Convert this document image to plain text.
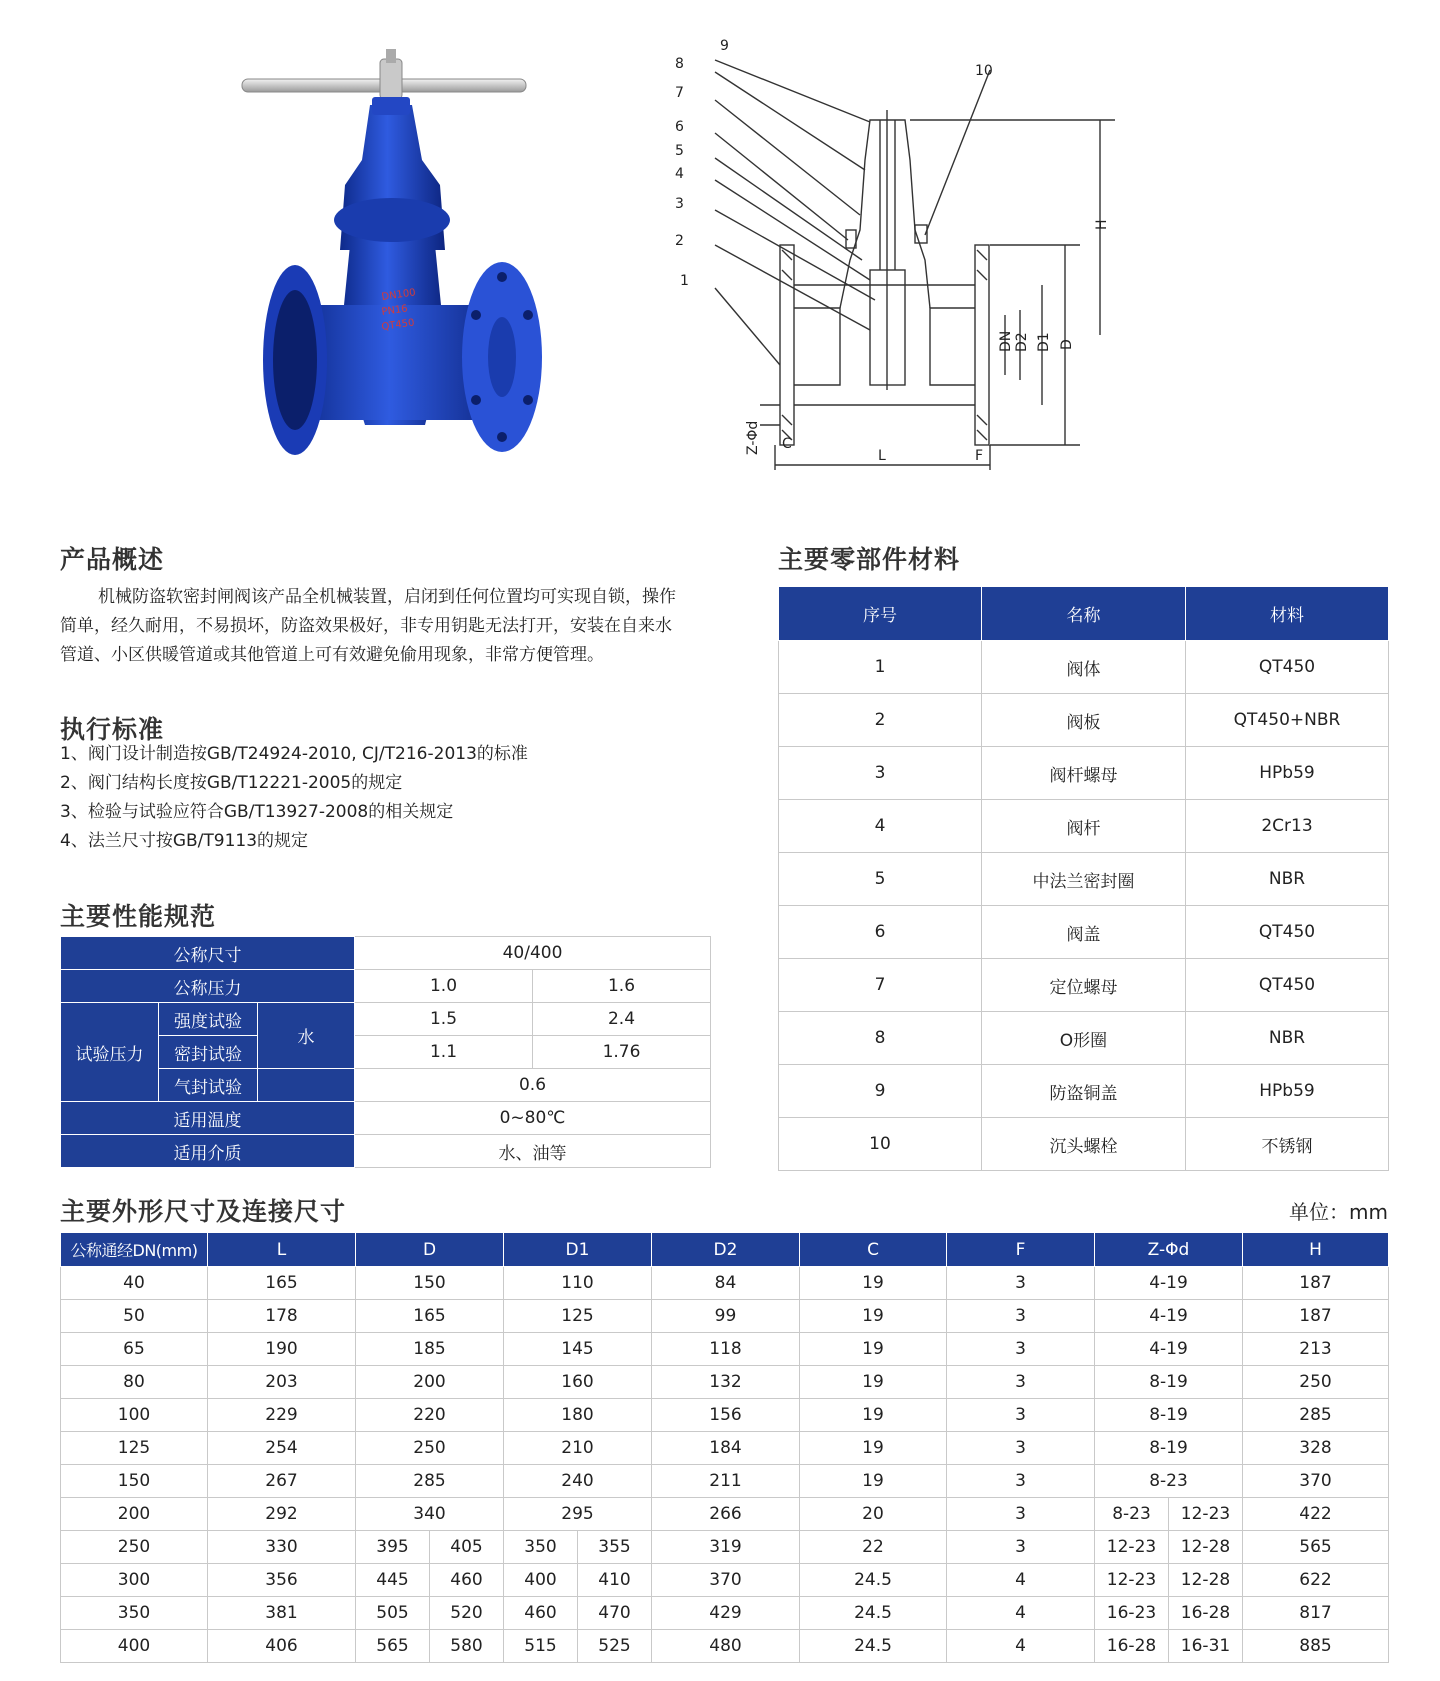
DN100
PN16
QT450
9
8
7
6
5
4
3
2
1
10
H
D
D1
D2
DN
L	F
C
Z-Φd
产品概述
机械防盗软密封闸阀该产品全机械装置，启闭到任何位置均可实现自锁，操作
简单，经久耐用，不易损坏，防盗效果极好，非专用钥匙无法打开，安装在自来水
管道、小区供暖管道或其他管道上可有效避免偷用现象，非常方便管理。
执行标准
1、阀门设计制造按GB/T24924-2010, CJ/T216-2013的标准
2、阀门结构长度按GB/T12221-2005的规定
3、检验与试验应符合GB/T13927-2008的相关规定
4、法兰尺寸按GB/T9113的规定
主要性能规范
公称尺寸			40/400	
公称压力			1.0	1.6
试验压力	强度试验	水	1.5	2.4
	密封试验		1.1	1.76
	气封试验		0.6	
适用温度			0~80℃	
适用介质			水、油等	
主要零部件材料
序号	名称	材料
1	阀体	QT450
2	阀板	QT450+NBR
3	阀杆螺母	HPb59
4	阀杆	2Cr13
5	中法兰密封圈	NBR
6	阀盖	QT450
7	定位螺母	QT450
8	O形圈	NBR
9	防盗铜盖	HPb59
10	沉头螺栓	不锈钢
主要外形尺寸及连接尺寸	单位：mm
公称通经DN(mm)	L	D		D1		D2	C	F	Z-Φd		H
40	165	150		110		84	19	3	4-19		187
50	178	165		125		99	19	3	4-19		187
65	190	185		145		118	19	3	4-19		213
80	203	200		160		132	19	3	8-19		250
100	229	220		180		156	19	3	8-19		285
125	254	250		210		184	19	3	8-19		328
150	267	285		240		211	19	3	8-23		370
200	292	340		295		266	20	3	8-23	12-23	422
250	330	395	405	350	355	319	22	3	12-23	12-28	565
300	356	445	460	400	410	370	24.5	4	12-23	12-28	622
350	381	505	520	460	470	429	24.5	4	16-23	16-28	817
400	406	565	580	515	525	480	24.5	4	16-28	16-31	885
